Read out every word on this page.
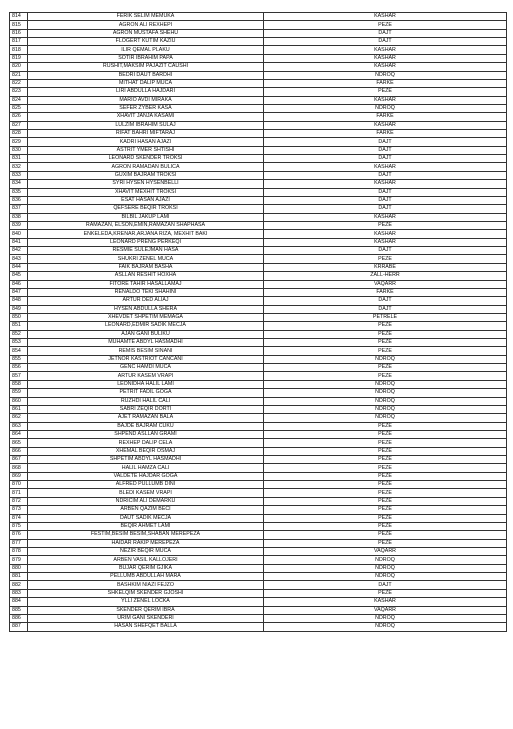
814	FERIK SELIM MEMUKA	KASHAR
815	AGRON ALI REXHEPI	PEZE
816	AGRON MUSTAFA SHEHU	DAJT
817	FLOGERT KUTIM KAZIU	DAJT
818	ILIR QEMAL PLAKU	KASHAR
819	SOTIR IBRAHIM PAPA	KASHAR
820	RUSHIT,MAKSIM PAJAZIT CAUSHI	KASHAR
821	BEDRI DAUT BARDHI	NDROQ
822	MITHAT DALIP MUCA	FARKE
823	LIRI ABDULLA HAJDARI	PEZE
824	MARIO AVDI MIRAKA	KASHAR
825	SEFER ZYBER KASA	NDROQ
826	XHAVIT JANJA KASAMI	FARKE
827	LULZIM IBRAHIM SULAJ	KASHAR
828	RIFAT BAHRI MIFTARAJ	FARKE
829	KADRI HASAN AJAZI	DAJT
830	ASTRIT YMER SHTISHI	DAJT
831	LEONARD SKENDER TROKSI	DAJT
832	AGRON RAMADAN BULICA	KASHAR
833	GUXIM BAJRAM TROKSI	DAJT
834	SYRI HYSEN HYSENBELLI	KASHAR
835	XHAVIT MEXHIT TROKSI	DAJT
836	ESAT HASAN AJAZI	DAJT
837	QEFSERE BEQIR TROKSI	DAJT
838	BILBIL JAKUP LAMI	KASHAR
839	RAMAZAN, ELSON,EMIN,RAMAZAN SHAPHASA	PEZE
840	ENKELEDA,KRENAR,ARJANA RIZA, MEXHIT BAKI	KASHAR
841	LEONARD PRENG PERKEQI	KASHAR
842	RESMIE SULEJMAN HASA	DAJT
843	SHUKRI ZENEL MUCA	PEZE
844	FAIK BAJRAM BASHA	KRRABE
845	ASLLAN RESHIT HOXHA	ZALL-HERR
846	FITORE TAHIR HASALLAMAJ	VAQARR
847	RENALDO TEKI SHAHINI	FARKE
848	ARTUR DED ALIAJ	DAJT
849	HYSEN ABDULLA SHERA	DAJT
850	XHEVDET SHPETIM MEMAGA	PETRELE
851	LEONARD,EDMIR SADIK MECJA	PEZE
852	AJAN GANI BULIKU	PEZE
853	MUHAMTE ABDYL HASMADHI	PEZE
854	REMIS BESIM SINANI	PEZE
855	JETNOR KASTRIOT CANCANI	NDROQ
856	GENC HAMDI MUCA	PEZE
857	ARTUR KASEM VRAPI	PEZE
858	LEONIDHA HALIL LAMI	NDROQ
859	PETRIT FADIL GOGA	NDROQ
860	RUZHDI HALIL CALI	NDROQ
861	SABRI ZEQIR DORTI	NDROQ
862	AJET RAMAZAN BALA	NDROQ
863	BAJDE BAJRAM CUKU	PEZE
864	SHPEND ASLLAN GRAMI	PEZE
865	REXHEP DALIP CELA	PEZE
866	XHEMAL BEQIR OSMAJ	PEZE
867	SHPETIM ABDYL HASMADHI	PEZE
868	HALIL HAMZA CALI	PEZE
869	VALDETE HAJDAR GOGA	PEZE
870	ALFRED PULLUMB DINI	PEZE
871	BLEDI KASEM VRAPI	PEZE
872	NDRICIM ALI DEMARKU	PEZE
873	ARBEN QAZIM BECI	PEZE
874	DAUT SADIK MECJA	PEZE
875	BEQIR AHMET LAMI	PEZE
876	FESTIM,BESIM BESIM,SHABAN MEREPEZA	PEZE
877	HAIDAR RAKIP MEREPEZA	PEZE
878	NEZIR BEQIR MUCA	VAQARR
879	ARBEN VASIL KALLOJERI	NDROQ
880	BUJAR QERIM GJIKA	NDROQ
881	PELLUMB ABDULLAH MARA	NDROQ
882	BASHKIM NIAZI FEJZO	DAJT
883	SHKELQIM SKENDER GJOSHI	PEZE
884	YLLI ZENEL LOCKA	KASHAR
885	SKENDER QERIM IBRA	VAQARR
886	URIM GANI SKENDERI	NDROQ
887	HASAN SHEFQET BALLA	NDROQ
